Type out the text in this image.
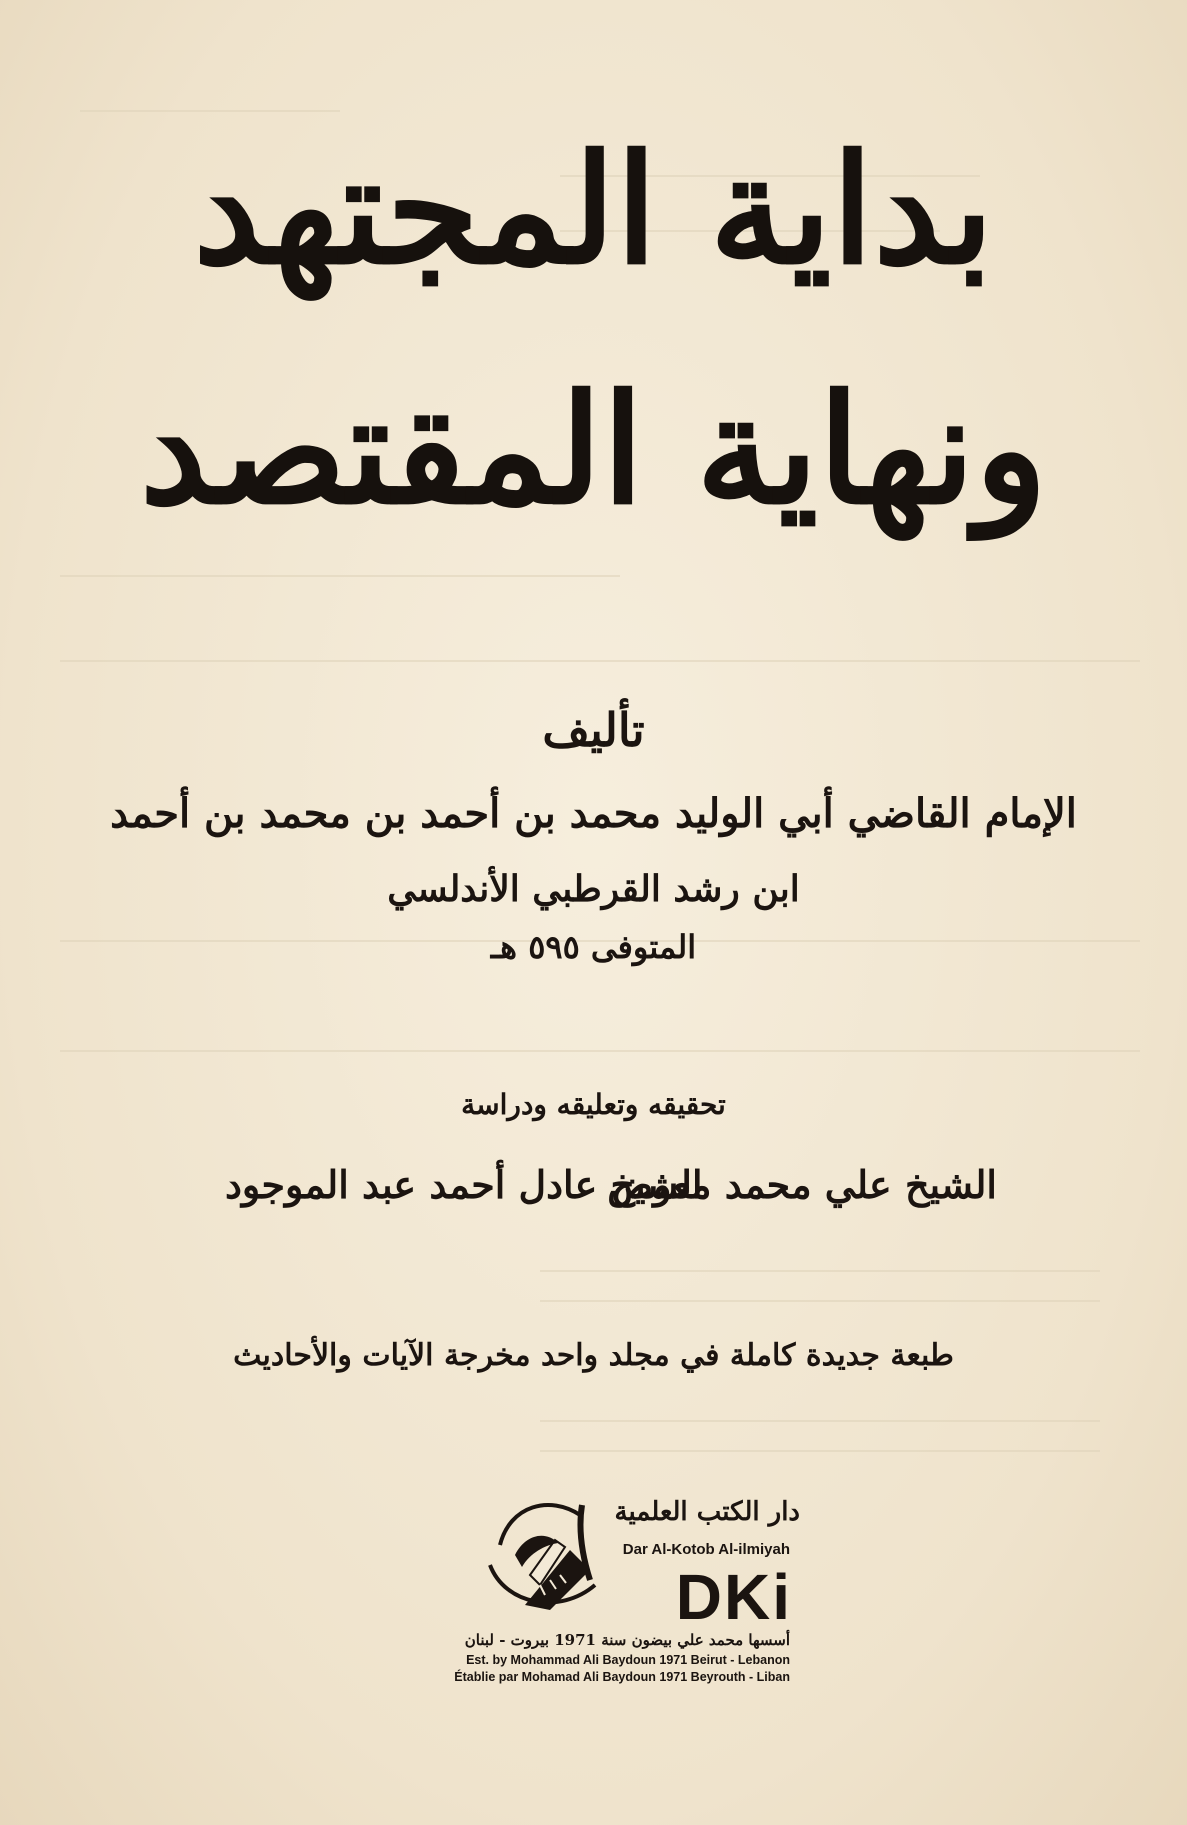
بداية المجتهد
ونهاية المقتصد
تأليف
الإمام القاضي أبي الوليد محمد بن أحمد بن محمد بن أحمد
ابن رشد القرطبي الأندلسي
المتوفى ٥٩٥ هـ
تحقيقه وتعليقه ودراسة
الشيخ علي محمد معوض
الشيخ عادل أحمد عبد الموجود
طبعة جديدة كاملة في مجلد واحد مخرجة الآيات والأحاديث
دار الكتب العلمية
Dar Al-Kotob Al-ilmiyah
DKi
أسسها محمد علي بيضون سنة 1971 بيروت - لبنان
Est. by Mohammad Ali Baydoun 1971 Beirut - Lebanon
Établie par Mohamad Ali Baydoun 1971 Beyrouth - Liban
